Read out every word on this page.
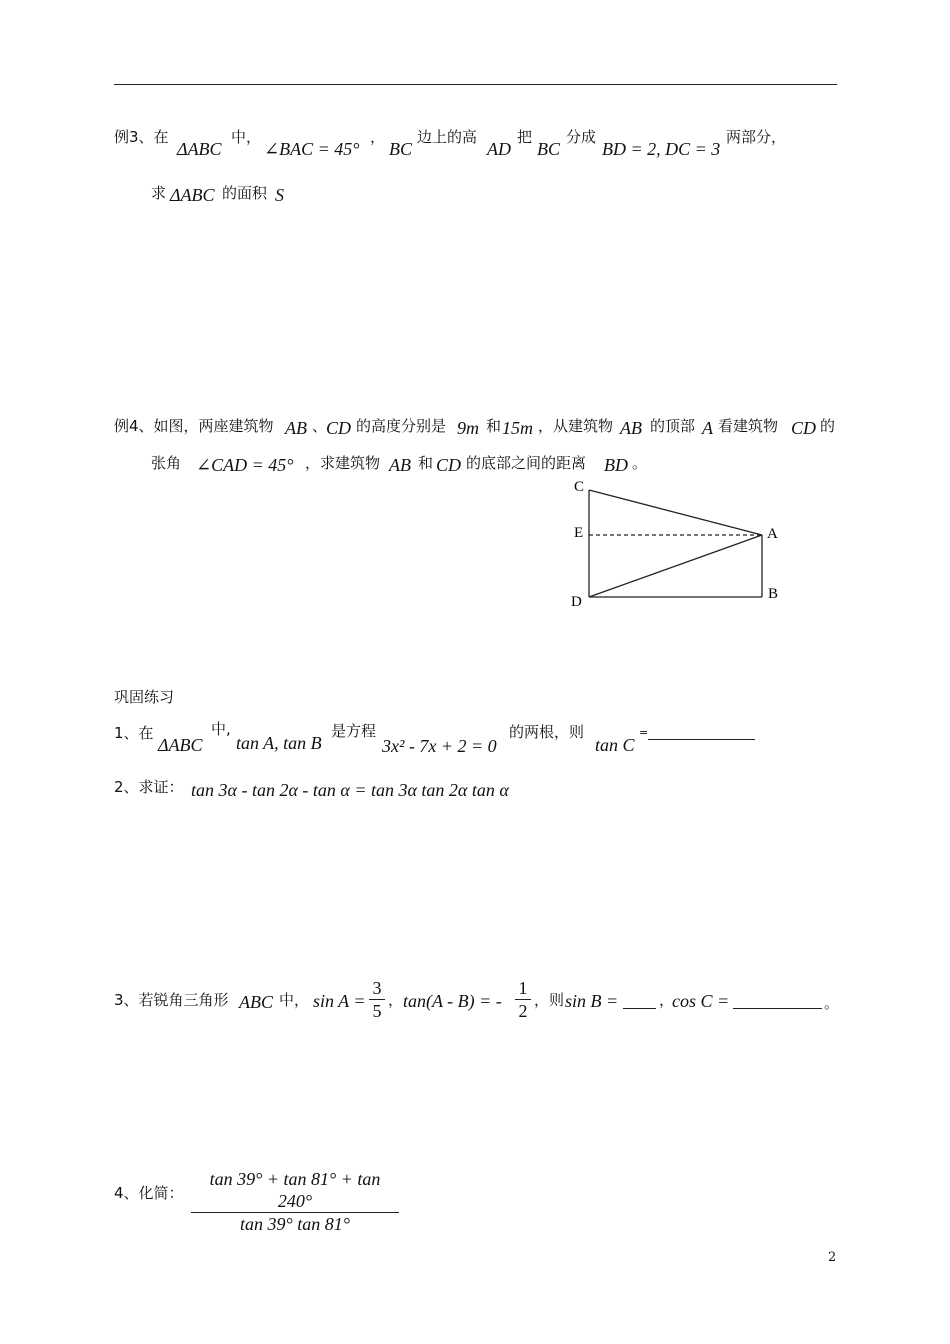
例3、在
ΔABC
中，
∠BAC = 45°
，
BC
边上的高
AD
把
BC
分成
BD = 2, DC = 3
两部分，
求 ΔABC 的面积 S
例4、如图，两座建筑物 AB 、
CD 的高度分别是 9m 和 15m ，从建筑物 AB 的顶部 A 看建筑物 CD 的
张角 ∠CAD = 45° ，求建筑物 AB 和 CD 的底部之间的距离 BD 。
C
E	A
D	B
巩固练习
1、在
ΔABC
中,
tan A, tan B
是方程
3x² - 7x + 2 = 0
的两根，则
tan C
=
2、求证： tan 3α - tan 2α - tan α = tan 3α tan 2α tan α
3、若锐角三角形 ABC 中， sin A =
3
5
， tan(A - B) = -
1
2
，则 sin B =	，
cos C =	。
4、化简：
tan 39° + tan 81° + tan 240°
tan 39° tan 81°
2
